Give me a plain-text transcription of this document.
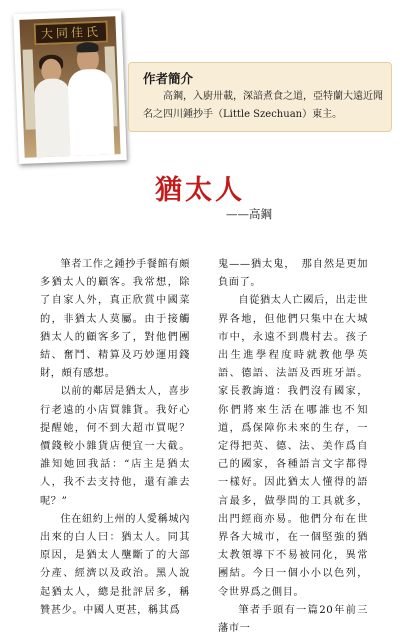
大同佳氏
作者簡介

高鋼，入廚卅載，深諳煮食之道，亞特蘭大遠近聞名之四川鍾抄手（Little Szechuan）東主。

猶太人
——高鋼

筆者工作之鍾抄手餐館有頗多猶太人的顧客。我常想，除了自家人外，真正欣賞中國菜的，非猶太人莫屬。由于接觸猶太人的顧客多了，對他們團結、奮鬥、精算及巧妙運用錢財，頗有感想。

以前的鄰居是猶太人，喜步行老遠的小店買雜貨。我好心提醒她，何不到大超市買呢？價錢較小雜貨店便宜一大截。誰知她回我話：“店主是猶太人，我不去支持他，還有誰去呢？”

住在紐約上州的人愛稱城內出來的白人曰：猶太人。同其原因，是猶太人壟斷了的大部分產、經濟以及政治。黑人說起猶太人，總是批評居多，稱贊甚少。中國人更甚，稱其爲

鬼——猶太鬼，　那自然是更加負面了。

自從猶太人亡國后，出走世界各地，但他們只集中在大城市中，永遠不到農村去。孩子出生進學程度時就教他學英語、德語、法語及西班牙語。家長教誨道：我們沒有國家，你們將來生活在哪誰也不知道，爲保障你未來的生存，一定得把英、德、法、美作爲自己的國家，各種語言文字都得一樣好。因此猶太人懂得的語言最多，做學問的工具就多，出門經商亦易。他們分布在世界各大城市，在一個堅強的猶太教領導下不易被同化，異常團結。今日一個小小以色列，令世界爲之側目。

筆者手頭有一篇20年前三藩市一
